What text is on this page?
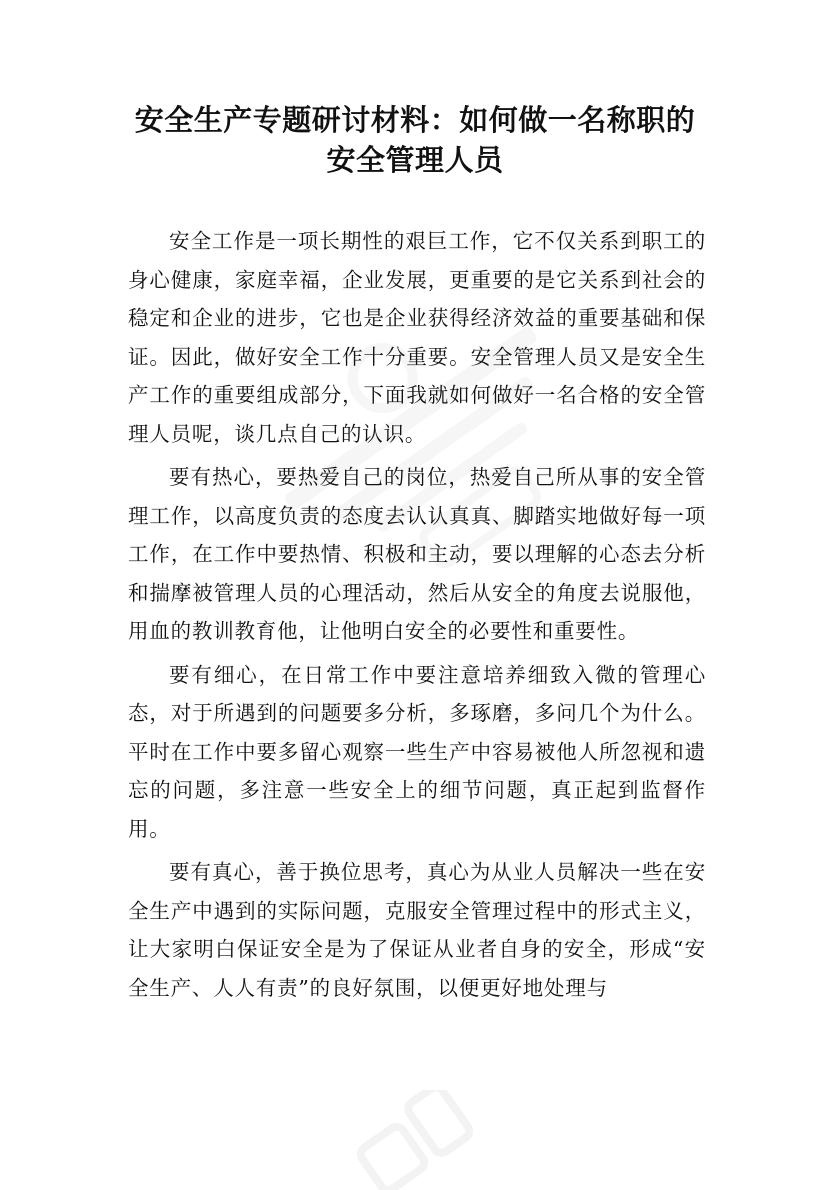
安全生产专题研讨材料：如何做一名称职的
安全管理人员

安全工作是一项长期性的艰巨工作，它不仅关系到职工的身心健康，家庭幸福，企业发展，更重要的是它关系到社会的稳定和企业的进步，它也是企业获得经济效益的重要基础和保证。因此，做好安全工作十分重要。安全管理人员又是安全生产工作的重要组成部分，下面我就如何做好一名合格的安全管理人员呢，谈几点自己的认识。

要有热心，要热爱自己的岗位，热爱自己所从事的安全管理工作，以高度负责的态度去认认真真、脚踏实地做好每一项工作，在工作中要热情、积极和主动，要以理解的心态去分析和揣摩被管理人员的心理活动，然后从安全的角度去说服他，用血的教训教育他，让他明白安全的必要性和重要性。

要有细心，在日常工作中要注意培养细致入微的管理心态，对于所遇到的问题要多分析，多琢磨，多问几个为什么。平时在工作中要多留心观察一些生产中容易被他人所忽视和遗忘的问题，多注意一些安全上的细节问题，真正起到监督作用。

要有真心，善于换位思考，真心为从业人员解决一些在安全生产中遇到的实际问题，克服安全管理过程中的形式主义，让大家明白保证安全是为了保证从业者自身的安全，形成“安全生产、人人有责”的良好氛围，以便更好地处理与
